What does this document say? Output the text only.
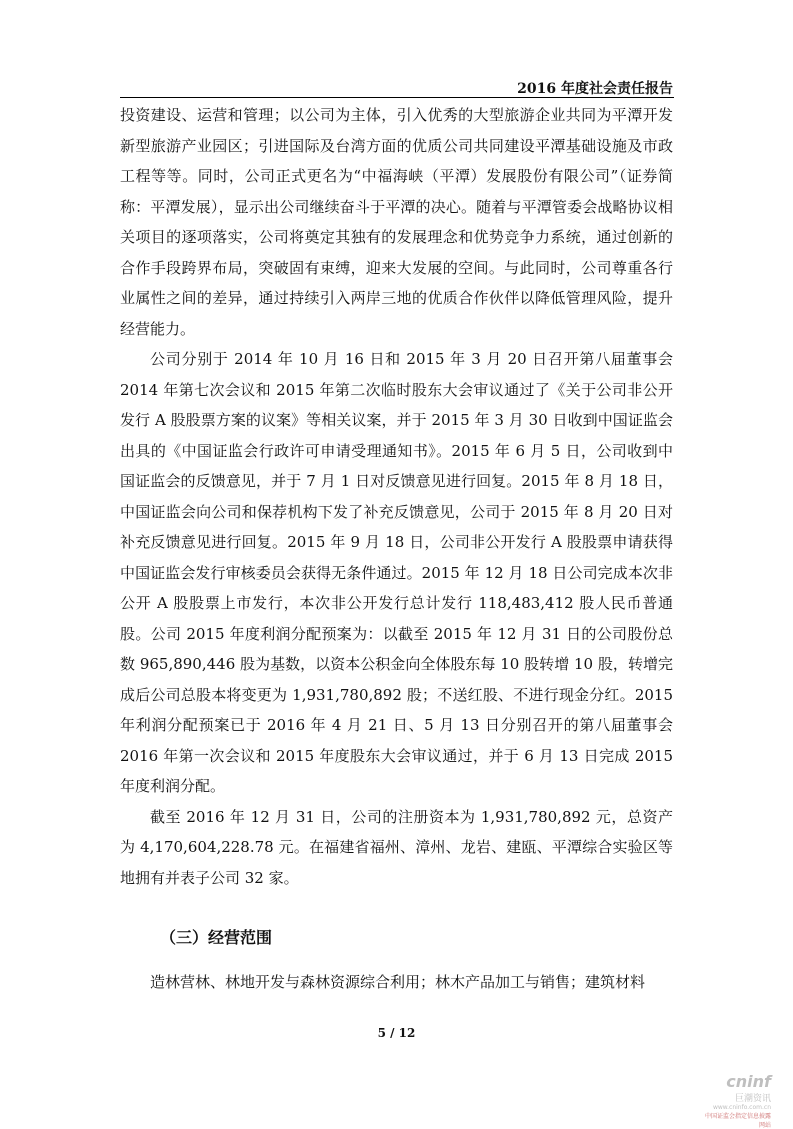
2016 年度社会责任报告

投资建设、运营和管理；以公司为主体，引入优秀的大型旅游企业共同为平潭开发新型旅游产业园区；引进国际及台湾方面的优质公司共同建设平潭基础设施及市政工程等等。同时，公司正式更名为“中福海峡（平潭）发展股份有限公司”（证券简称：平潭发展），显示出公司继续奋斗于平潭的决心。随着与平潭管委会战略协议相关项目的逐项落实，公司将奠定其独有的发展理念和优势竞争力系统，通过创新的合作手段跨界布局，突破固有束缚，迎来大发展的空间。与此同时，公司尊重各行业属性之间的差异，通过持续引入两岸三地的优质合作伙伴以降低管理风险，提升经营能力。

公司分别于 2014 年 10 月 16 日和 2015 年 3 月 20 日召开第八届董事会 2014 年第七次会议和 2015 年第二次临时股东大会审议通过了《关于公司非公开发行 A 股股票方案的议案》等相关议案，并于 2015 年 3 月 30 日收到中国证监会出具的《中国证监会行政许可申请受理通知书》。2015 年 6 月 5 日，公司收到中国证监会的反馈意见，并于 7 月 1 日对反馈意见进行回复。2015 年 8 月 18 日，中国证监会向公司和保荐机构下发了补充反馈意见，公司于 2015 年 8 月 20 日对补充反馈意见进行回复。2015 年 9 月 18 日，公司非公开发行 A 股股票申请获得中国证监会发行审核委员会获得无条件通过。2015 年 12 月 18 日公司完成本次非公开 A 股股票上市发行，本次非公开发行总计发行 118,483,412 股人民币普通股。公司 2015 年度利润分配预案为：以截至 2015 年 12 月 31 日的公司股份总数 965,890,446 股为基数，以资本公积金向全体股东每 10 股转增 10 股，转增完成后公司总股本将变更为 1,931,780,892 股；不送红股、不进行现金分红。2015 年利润分配预案已于 2016 年 4 月 21 日、5 月 13 日分别召开的第八届董事会 2016 年第一次会议和 2015 年度股东大会审议通过，并于 6 月 13 日完成 2015 年度利润分配。

截至 2016 年 12 月 31 日，公司的注册资本为 1,931,780,892 元，总资产为 4,170,604,228.78 元。在福建省福州、漳州、龙岩、建瓯、平潭综合实验区等地拥有并表子公司 32 家。

（三）经营范围

造林营林、林地开发与森林资源综合利用；林木产品加工与销售；建筑材料

5 / 12
cninf
巨潮资讯
www.cninfo.com.cn
中国证监会指定信息披露网站
